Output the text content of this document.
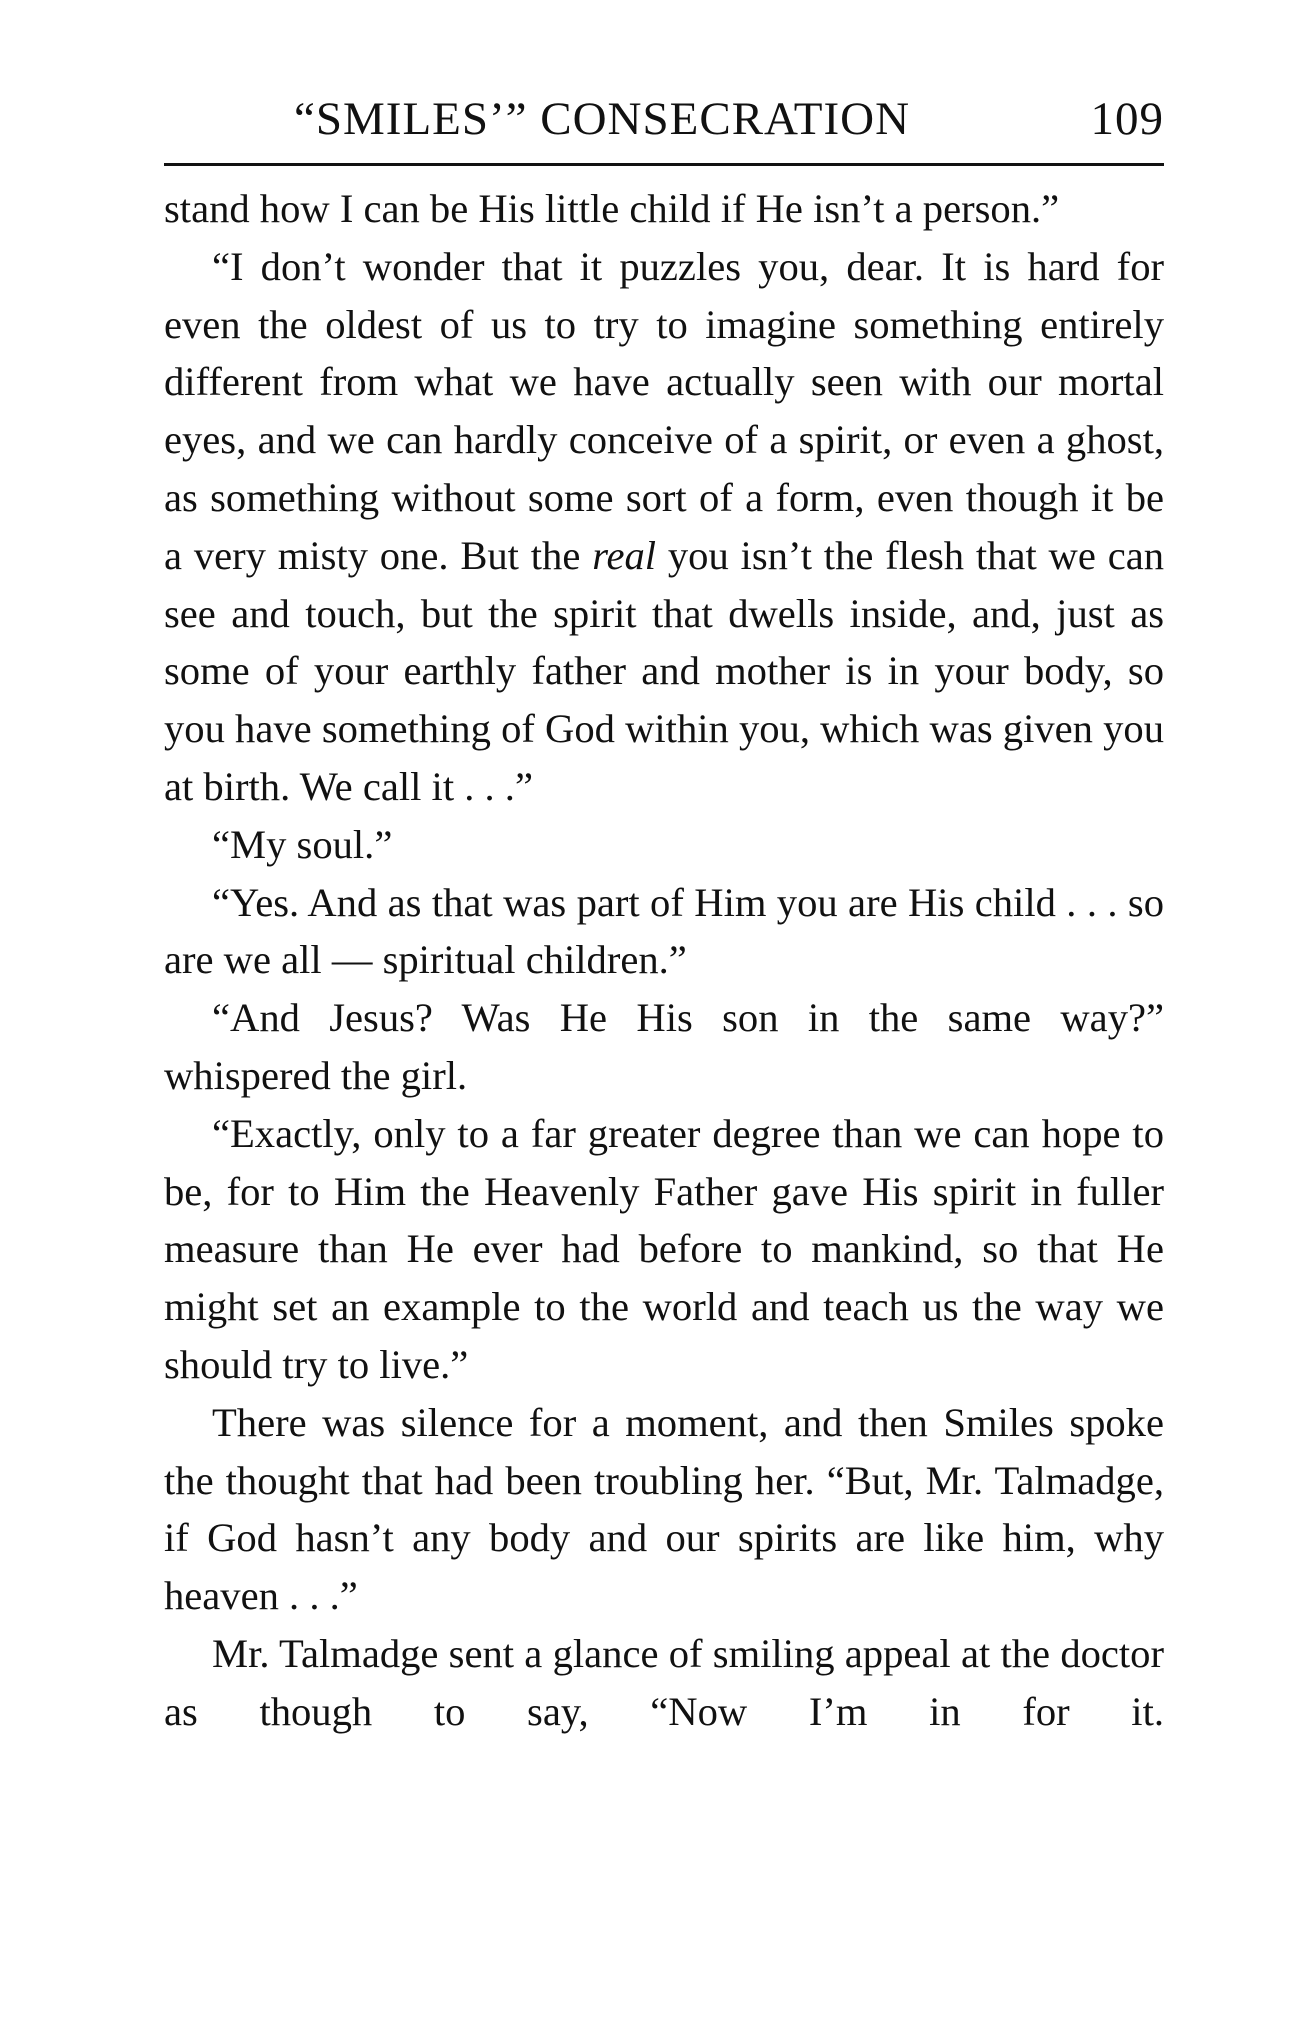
“SMILES’” CONSECRATION	109

stand how I can be His little child if He isn’t a person.”

“I don’t wonder that it puzzles you, dear. It is hard for even the oldest of us to try to imagine something entirely different from what we have actually seen with our mortal eyes, and we can hardly conceive of a spirit, or even a ghost, as something without some sort of a form, even though it be a very misty one. But the real you isn’t the flesh that we can see and touch, but the spirit that dwells inside, and, just as some of your earthly father and mother is in your body, so you have something of God within you, which was given you at birth. We call it . . .”

“My soul.”

“Yes. And as that was part of Him you are His child . . . so are we all — spiritual children.”

“And Jesus? Was He His son in the same way?” whispered the girl.

“Exactly, only to a far greater degree than we can hope to be, for to Him the Heavenly Father gave His spirit in fuller measure than He ever had before to mankind, so that He might set an example to the world and teach us the way we should try to live.”

There was silence for a moment, and then Smiles spoke the thought that had been troubling her. “But, Mr. Talmadge, if God hasn’t any body and our spirits are like him, why heaven . . .”

Mr. Talmadge sent a glance of smiling appeal at the doctor as though to say, “Now I’m in for it.
